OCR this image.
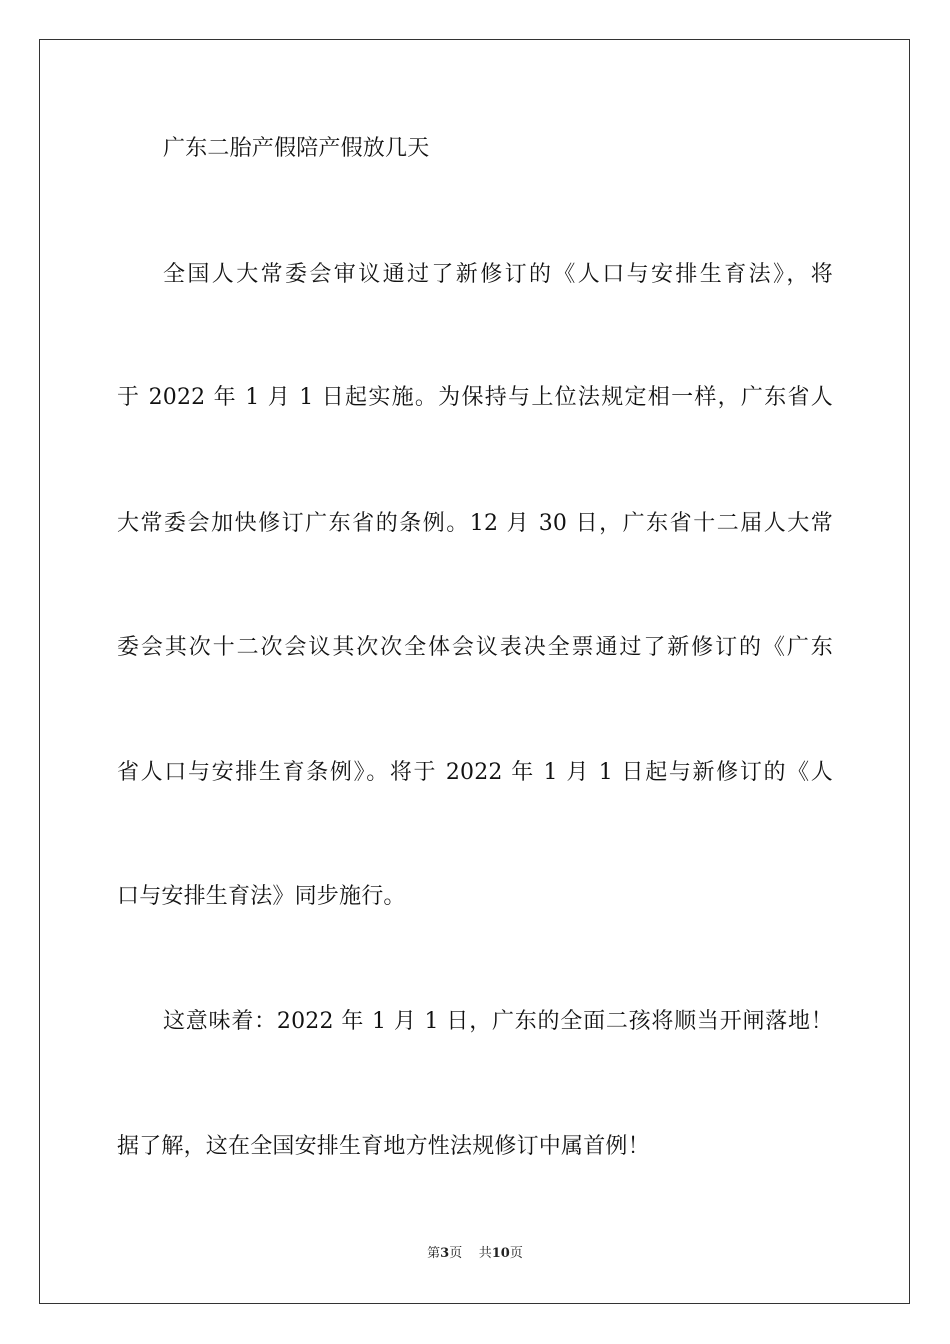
广东二胎产假陪产假放几天
全国人大常委会审议通过了新修订的《人口与安排生育法》，将
于 2022 年 1 月 1 日起实施。为保持与上位法规定相一样，广东省人
大常委会加快修订广东省的条例。12 月 30 日，广东省十二届人大常
委会其次十二次会议其次次全体会议表决全票通过了新修订的《广东
省人口与安排生育条例》。将于 2022 年 1 月 1 日起与新修订的《人
口与安排生育法》同步施行。
这意味着：2022 年 1 月 1 日，广东的全面二孩将顺当开闸落地！
据了解，这在全国安排生育地方性法规修订中属首例！
第3页 共10页
